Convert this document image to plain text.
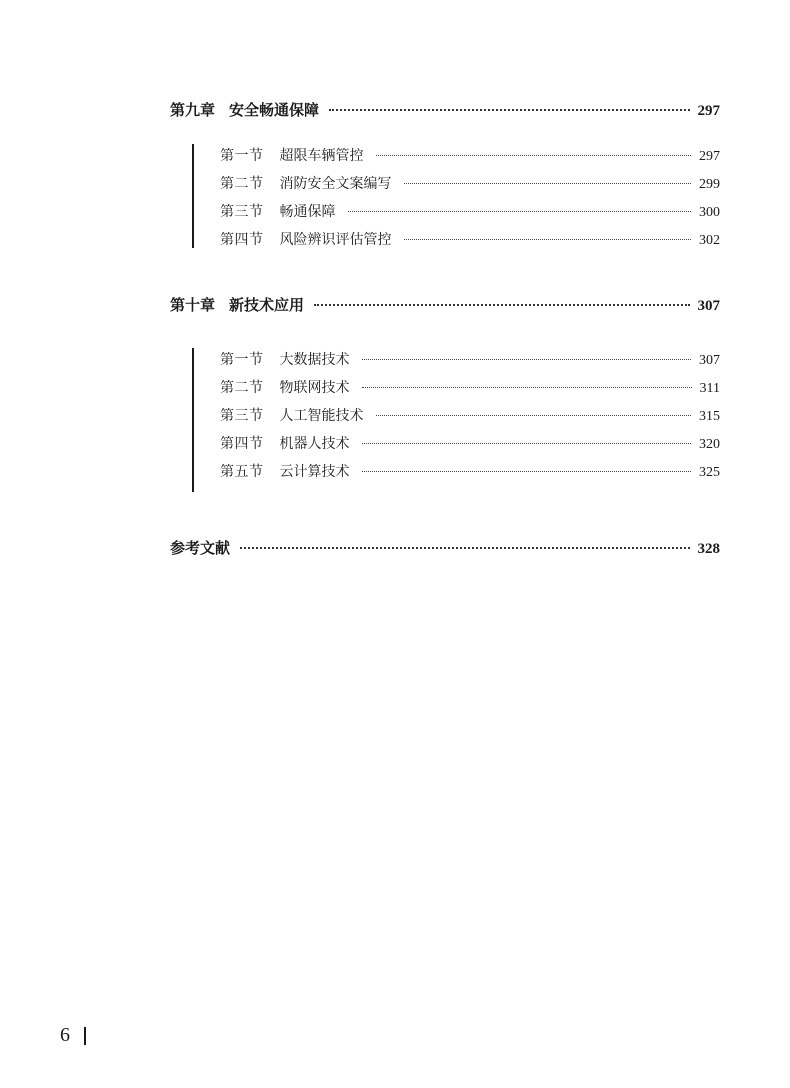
第九章 安全畅通保障	297
第一节 超限车辆管控	297
第二节 消防安全文案编写	299
第三节 畅通保障	300
第四节 风险辨识评估管控	302
第十章 新技术应用	307
第一节 大数据技术	307
第二节 物联网技术	311
第三节 人工智能技术	315
第四节 机器人技术	320
第五节 云计算技术	325
参考文献	328
6
